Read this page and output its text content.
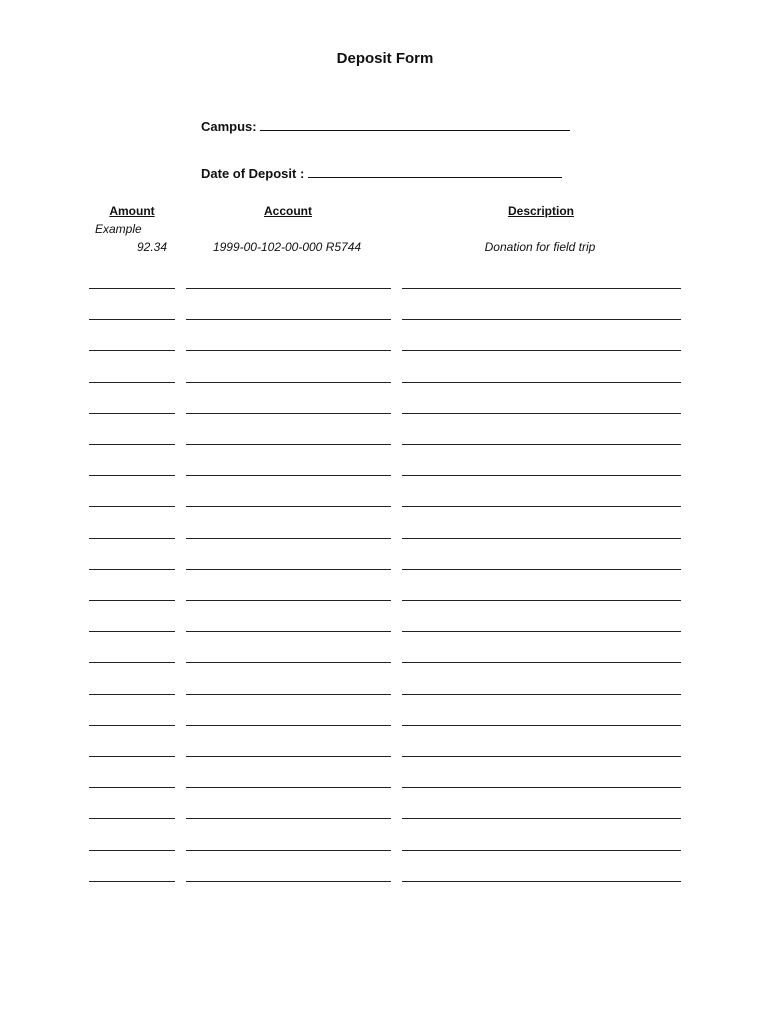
Deposit Form
Campus:
Date of Deposit :
Amount	Account	Description
Example
92.34	1999-00-102-00-000 R5744	Donation for field trip
